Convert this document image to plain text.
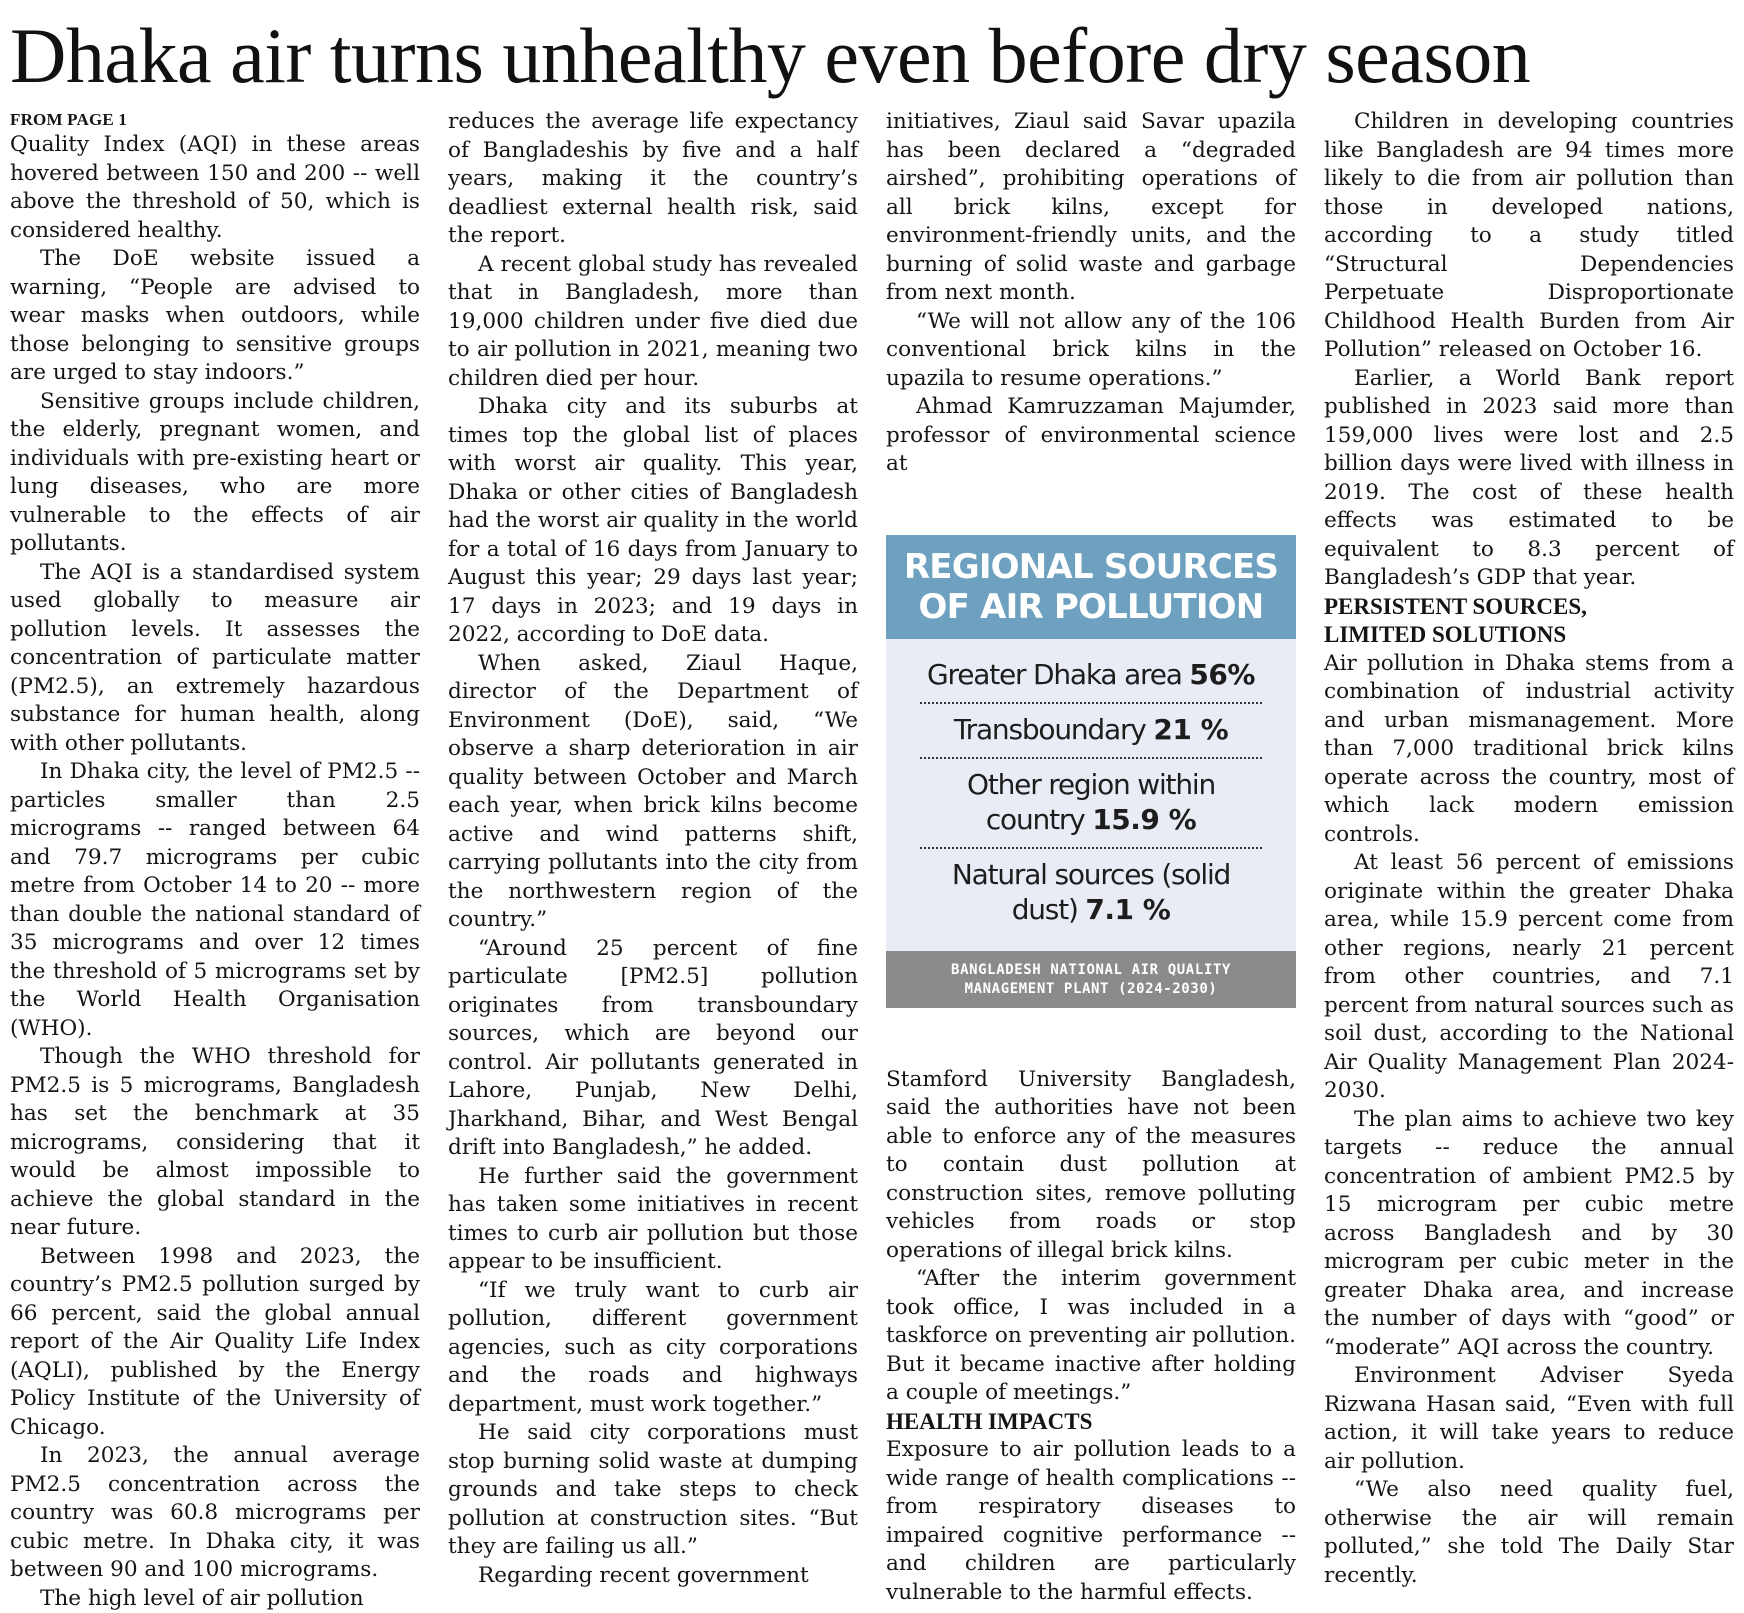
Dhaka air turns unhealthy even before dry season
FROM PAGE 1

Quality Index (AQI) in these areas hovered between 150 and 200 -- well above the threshold of 50, which is considered healthy.

The DoE website issued a warning, “People are advised to wear masks when outdoors, while those belonging to sensitive groups are urged to stay indoors.”

Sensitive groups include children, the elderly, pregnant women, and individuals with pre-existing heart or lung diseases, who are more vulnerable to the effects of air pollutants.

The AQI is a standardised system used globally to measure air pollution levels. It assesses the concentration of particulate matter (PM2.5), an extremely hazardous substance for human health, along with other pollutants.

In Dhaka city, the level of PM2.5 -- particles smaller than 2.5 micrograms -- ranged between 64 and 79.7 micrograms per cubic metre from October 14 to 20 -- more than double the national standard of 35 micrograms and over 12 times the threshold of 5 micrograms set by the World Health Organisation (WHO).

Though the WHO threshold for PM2.5 is 5 micrograms, Bangladesh has set the benchmark at 35 micrograms, considering that it would be almost impossible to achieve the global standard in the near future.

Between 1998 and 2023, the country’s PM2.5 pollution surged by 66 percent, said the global annual report of the Air Quality Life Index (AQLI), published by the Energy Policy Institute of the University of Chicago.

In 2023, the annual average PM2.5 concentration across the country was 60.8 micrograms per cubic metre. In Dhaka city, it was between 90 and 100 micrograms.

The high level of air pollution

reduces the average life expectancy of Bangladeshis by five and a half years, making it the country’s deadliest external health risk, said the report.

A recent global study has revealed that in Bangladesh, more than 19,000 children under five died due to air pollution in 2021, meaning two children died per hour.

Dhaka city and its suburbs at times top the global list of places with worst air quality. This year, Dhaka or other cities of Bangladesh had the worst air quality in the world for a total of 16 days from January to August this year; 29 days last year; 17 days in 2023; and 19 days in 2022, according to DoE data.

When asked, Ziaul Haque, director of the Department of Environment (DoE), said, “We observe a sharp deterioration in air quality between October and March each year, when brick kilns become active and wind patterns shift, carrying pollutants into the city from the northwestern region of the country.”

“Around 25 percent of fine particulate [PM2.5] pollution originates from transboundary sources, which are beyond our control. Air pollutants generated in Lahore, Punjab, New Delhi, Jharkhand, Bihar, and West Bengal drift into Bangladesh,” he added.

He further said the government has taken some initiatives in recent times to curb air pollution but those appear to be insufficient.

“If we truly want to curb air pollution, different government agencies, such as city corporations and the roads and highways department, must work together.”

He said city corporations must stop burning solid waste at dumping grounds and take steps to check pollution at construction sites. “But they are failing us all.”

Regarding recent government

initiatives, Ziaul said Savar upazila has been declared a “degraded airshed”, prohibiting operations of all brick kilns, except for environment-friendly units, and the burning of solid waste and garbage from next month.

“We will not allow any of the 106 conventional brick kilns in the upazila to resume operations.”

Ahmad Kamruzzaman Majumder, professor of environmental science at

REGIONAL SOURCES
OF AIR POLLUTION
Greater Dhaka area 56%
Transboundary 21 %
Other region within country 15.9 %
Natural sources (solid dust) 7.1 %
BANGLADESH NATIONAL AIR QUALITY
MANAGEMENT PLANT (2024-2030)

Stamford University Bangladesh, said the authorities have not been able to enforce any of the measures to contain dust pollution at construction sites, remove polluting vehicles from roads or stop operations of illegal brick kilns.

“After the interim government took office, I was included in a taskforce on preventing air pollution. But it became inactive after holding a couple of meetings.”

HEALTH IMPACTS

Exposure to air pollution leads to a wide range of health complications -- from respiratory diseases to impaired cognitive performance -- and children are particularly vulnerable to the harmful effects.

Children in developing countries like Bangladesh are 94 times more likely to die from air pollution than those in developed nations, according to a study titled “Structural Dependencies Perpetuate Disproportionate Childhood Health Burden from Air Pollution” released on October 16.

Earlier, a World Bank report published in 2023 said more than 159,000 lives were lost and 2.5 billion days were lived with illness in 2019. The cost of these health effects was estimated to be equivalent to 8.3 percent of Bangladesh’s GDP that year.

PERSISTENT SOURCES, LIMITED SOLUTIONS

Air pollution in Dhaka stems from a combination of industrial activity and urban mismanagement. More than 7,000 traditional brick kilns operate across the country, most of which lack modern emission controls.

At least 56 percent of emissions originate within the greater Dhaka area, while 15.9 percent come from other regions, nearly 21 percent from other countries, and 7.1 percent from natural sources such as soil dust, according to the National Air Quality Management Plan 2024-2030.

The plan aims to achieve two key targets -- reduce the annual concentration of ambient PM2.5 by 15 microgram per cubic metre across Bangladesh and by 30 microgram per cubic meter in the greater Dhaka area, and increase the number of days with “good” or “moderate” AQI across the country.

Environment Adviser Syeda Rizwana Hasan said, “Even with full action, it will take years to reduce air pollution.

“We also need quality fuel, otherwise the air will remain polluted,” she told The Daily Star recently.
